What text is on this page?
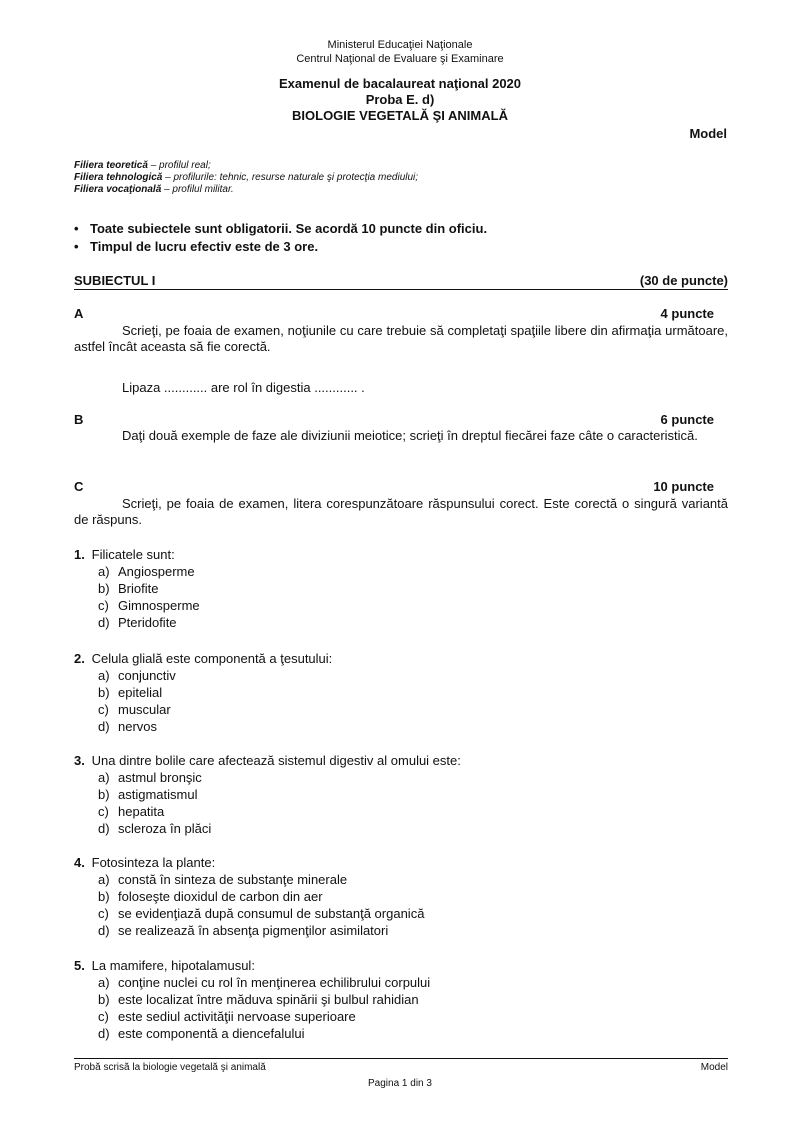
Ministerul Educaţiei Naţionale
Centrul Naţional de Evaluare şi Examinare
Examenul de bacalaureat naţional 2020
Proba E. d)
BIOLOGIE VEGETALĂ ŞI ANIMALĂ
Model
Filiera teoretică – profilul real;
Filiera tehnologică – profilurile: tehnic, resurse naturale şi protecţia mediului;
Filiera vocaţională – profilul militar.
• Toate subiectele sunt obligatorii. Se acordă 10 puncte din oficiu.
• Timpul de lucru efectiv este de 3 ore.
SUBIECTUL I	(30 de puncte)
A	4 puncte
Scrieţi, pe foaia de examen, noţiunile cu care trebuie să completaţi spaţiile libere din afirmaţia următoare, astfel încât aceasta să fie corectă.
Lipaza ............ are rol în digestia ............ .
B	6 puncte
Daţi două exemple de faze ale diviziunii meiotice; scrieţi în dreptul fiecărei faze câte o caracteristică.
C	10 puncte
Scrieţi, pe foaia de examen, litera corespunzătoare răspunsului corect. Este corectă o singură variantă de răspuns.
1. Filicatele sunt:
a) Angiosperme
b) Briofite
c) Gimnosperme
d) Pteridofite
2. Celula glială este componentă a ţesutului:
a) conjunctiv
b) epitelial
c) muscular
d) nervos
3. Una dintre bolile care afectează sistemul digestiv al omului este:
a) astmul bronşic
b) astigmatismul
c) hepatita
d) scleroza în plăci
4. Fotosinteza la plante:
a) constă în sinteza de substanţe minerale
b) foloseşte dioxidul de carbon din aer
c) se evidenţiază după consumul de substanţă organică
d) se realizează în absenţa pigmenţilor asimilatori
5. La mamifere, hipotalamusul:
a) conţine nuclei cu rol în menţinerea echilibrului corpului
b) este localizat între măduva spinării şi bulbul rahidian
c) este sediul activităţii nervoase superioare
d) este componentă a diencefalului
Probă scrisă la biologie vegetală şi animală	Model
Pagina 1 din 3
